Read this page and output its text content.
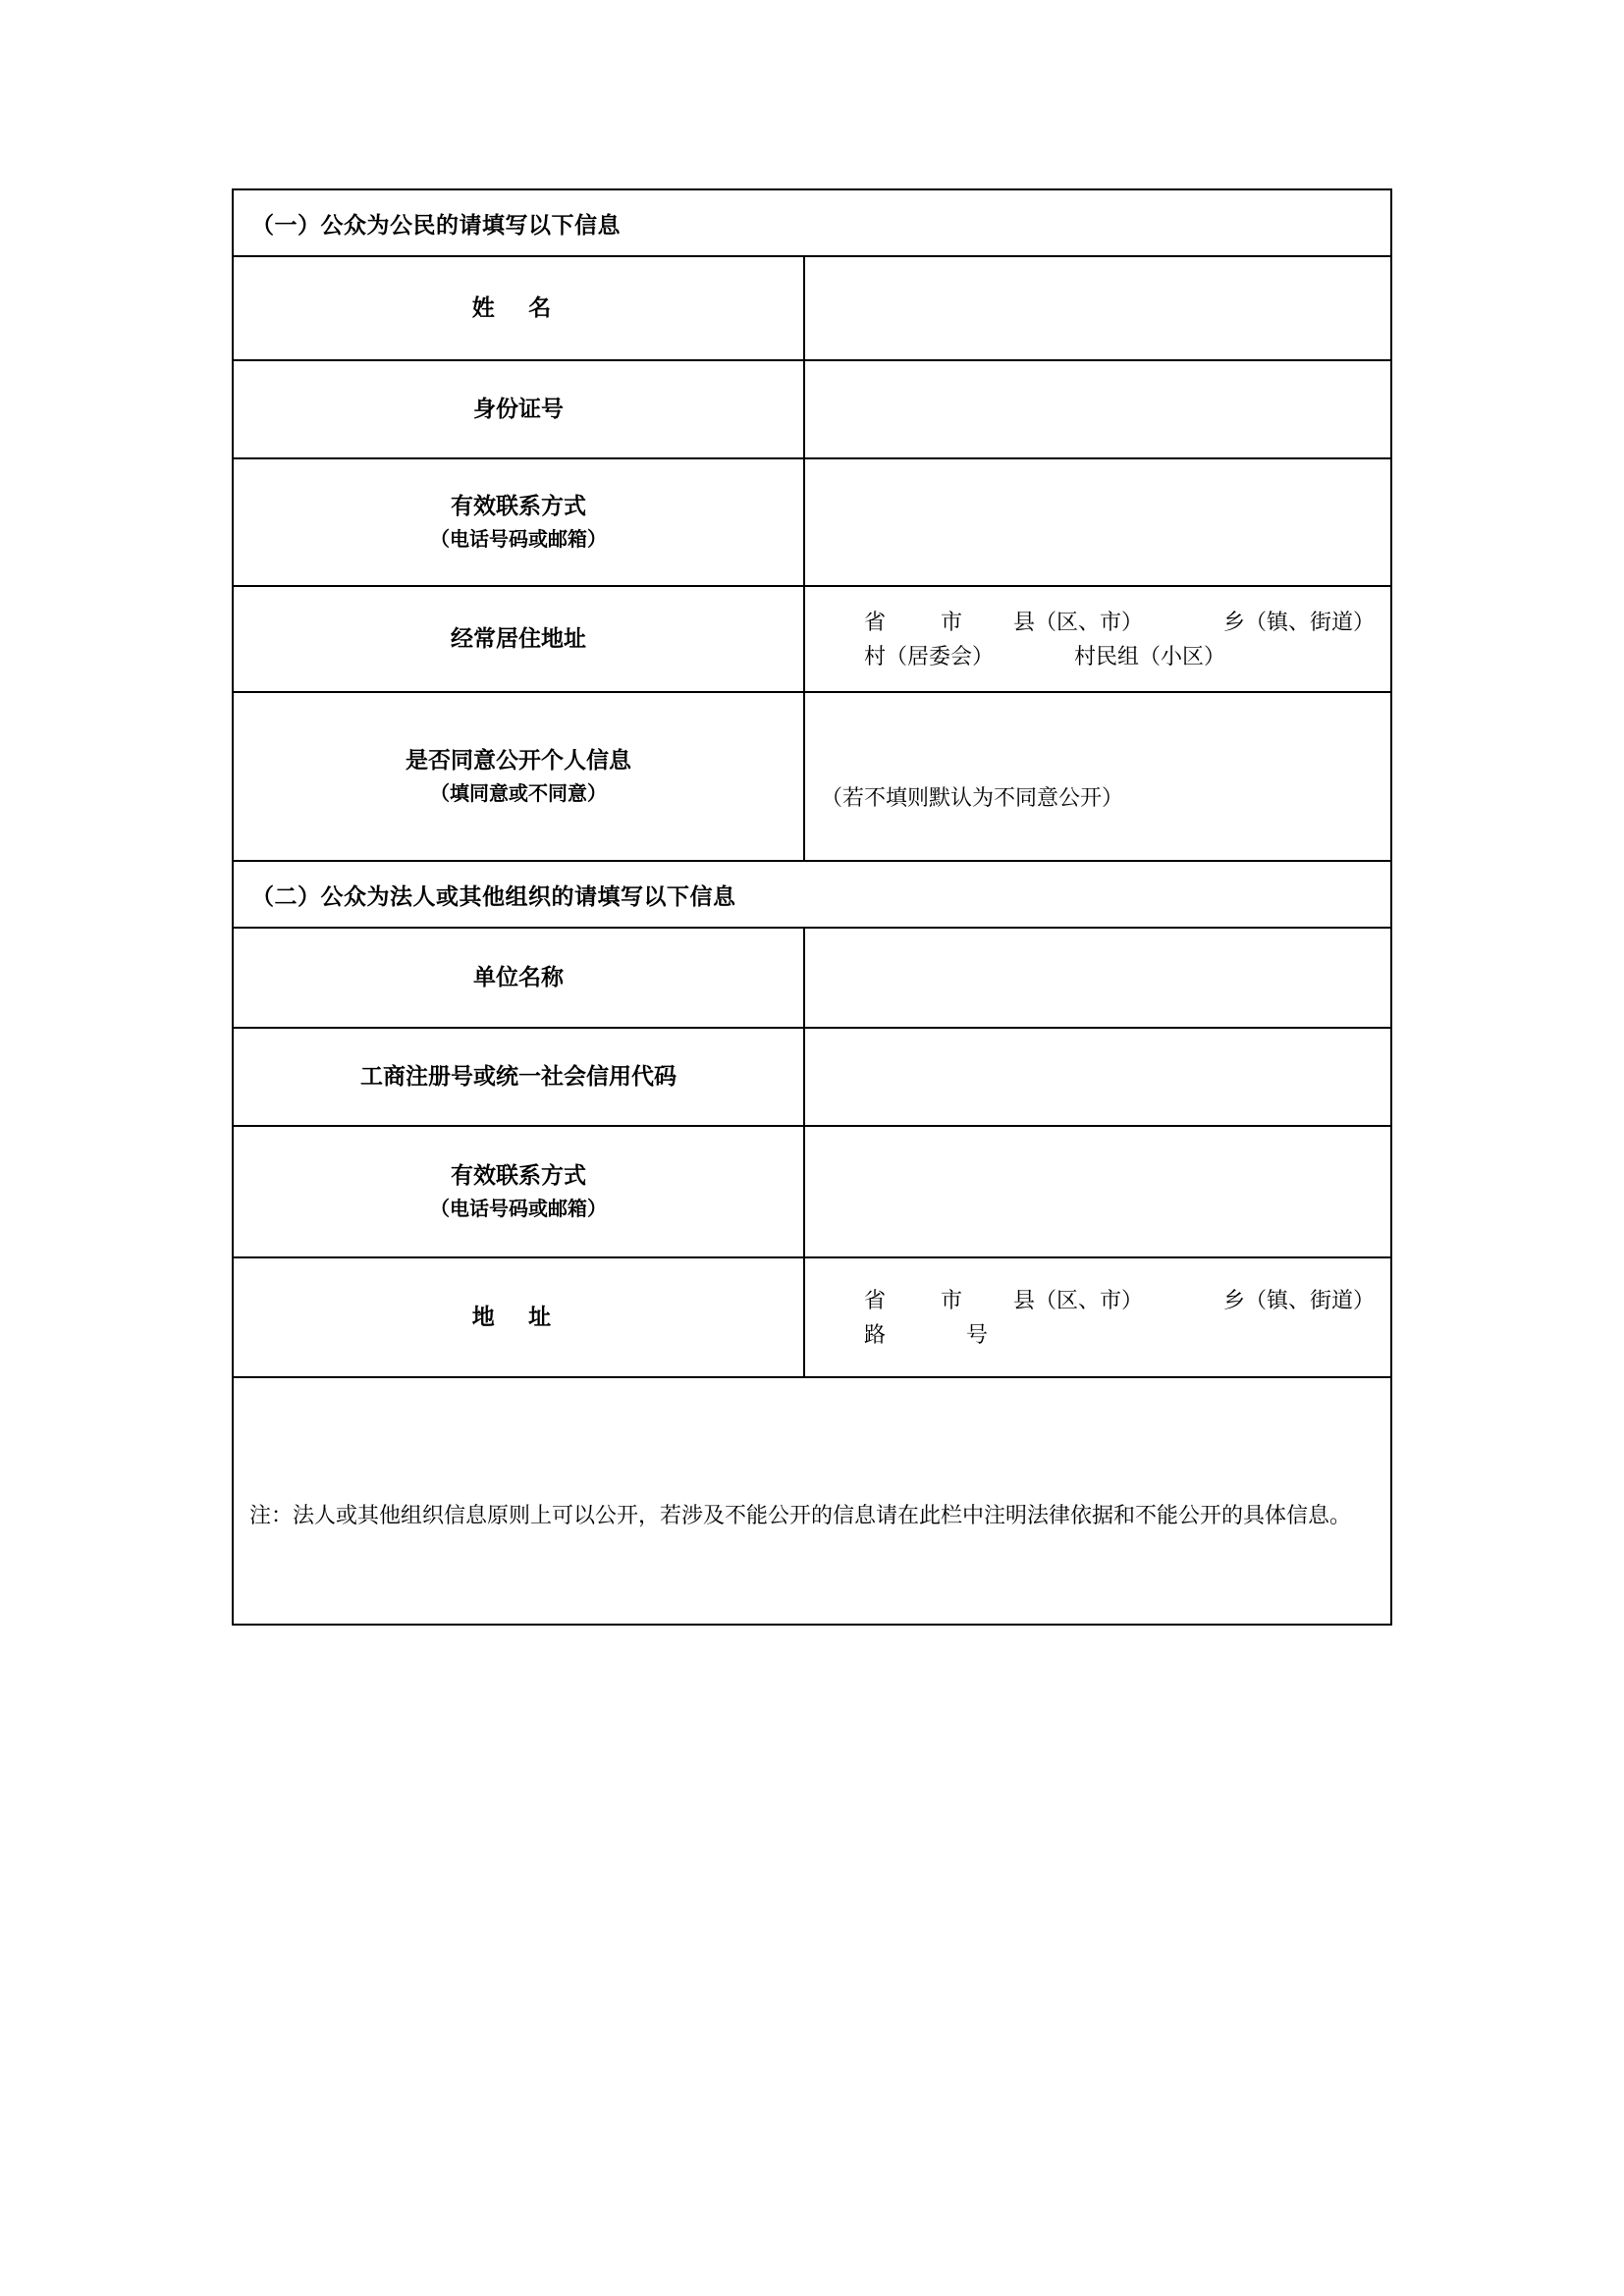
（一）公众为公民的请填写以下信息	
姓 名	
身份证号	
有效联系方式
（电话号码或邮箱）	

经常居住地址	省 市 县（区、市） 乡（镇、街道）
村（居委会） 村民组（小区）

是否同意公开个人信息
（填同意或不同意）	（若不填则默认为不同意公开）

（二）公众为法人或其他组织的请填写以下信息	
单位名称	
工商注册号或统一社会信用代码	
有效联系方式
（电话号码或邮箱）	

地 址	省 市 县（区、市） 乡（镇、街道）
路 号

注：法人或其他组织信息原则上可以公开，若涉及不能公开的信息请在此栏中注明法律依据和不能公开的具体信息。	
